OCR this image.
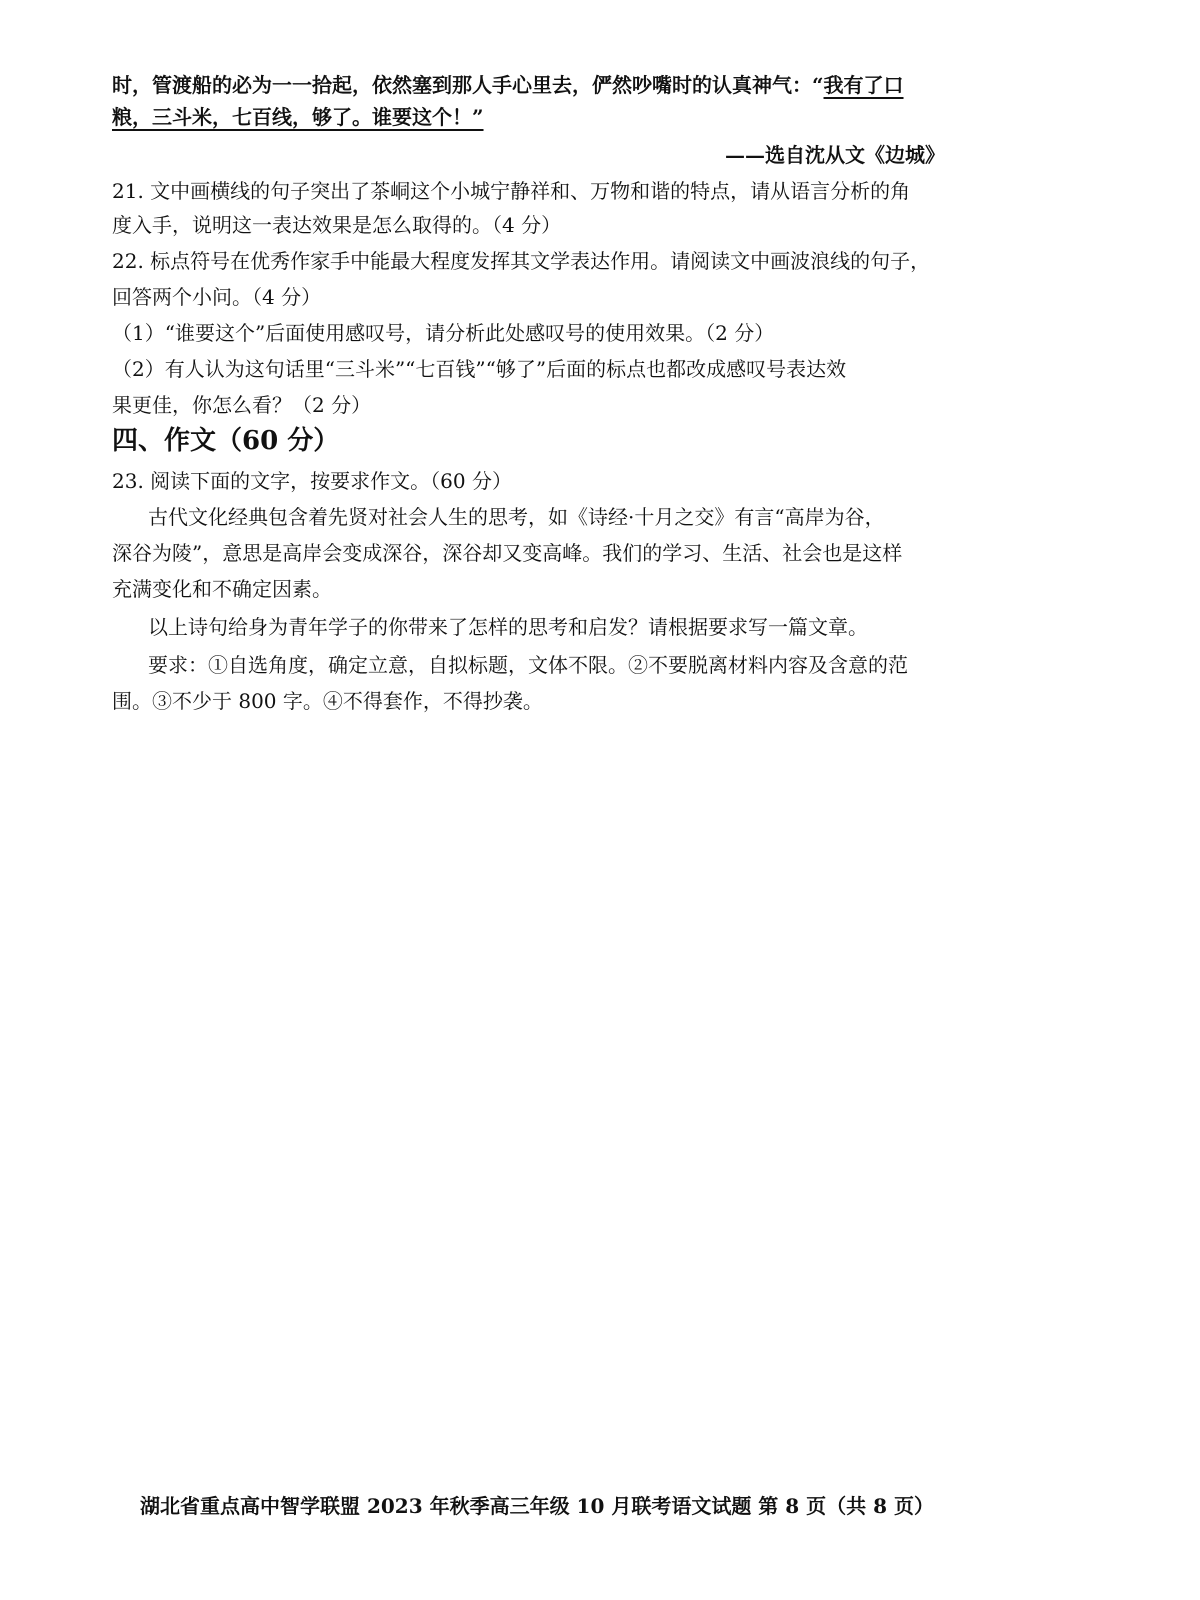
时，管渡船的必为一一拾起，依然塞到那人手心里去，俨然吵嘴时的认真神气：“我有了口
粮，三斗米，七百线，够了。谁要这个！”
——选自沈从文《边城》
21. 文中画横线的句子突出了茶峒这个小城宁静祥和、万物和谐的特点，请从语言分析的角
度入手，说明这一表达效果是怎么取得的。（4 分）
22. 标点符号在优秀作家手中能最大程度发挥其文学表达作用。请阅读文中画波浪线的句子，
回答两个小问。（4 分）
（1）“谁要这个”后面使用感叹号，请分析此处感叹号的使用效果。（2 分）
（2）有人认为这句话里“三斗米”“七百钱”“够了”后面的标点也都改成感叹号表达效
果更佳，你怎么看？（2 分）
四、作文（60 分）
23. 阅读下面的文字，按要求作文。（60 分）
古代文化经典包含着先贤对社会人生的思考，如《诗经·十月之交》有言“高岸为谷，
深谷为陵”，意思是高岸会变成深谷，深谷却又变高峰。我们的学习、生活、社会也是这样
充满变化和不确定因素。
以上诗句给身为青年学子的你带来了怎样的思考和启发？请根据要求写一篇文章。
要求：①自选角度，确定立意，自拟标题，文体不限。②不要脱离材料内容及含意的范
围。③不少于 800 字。④不得套作，不得抄袭。
湖北省重点高中智学联盟 2023 年秋季高三年级 10 月联考语文试题 第 8 页（共 8 页）
